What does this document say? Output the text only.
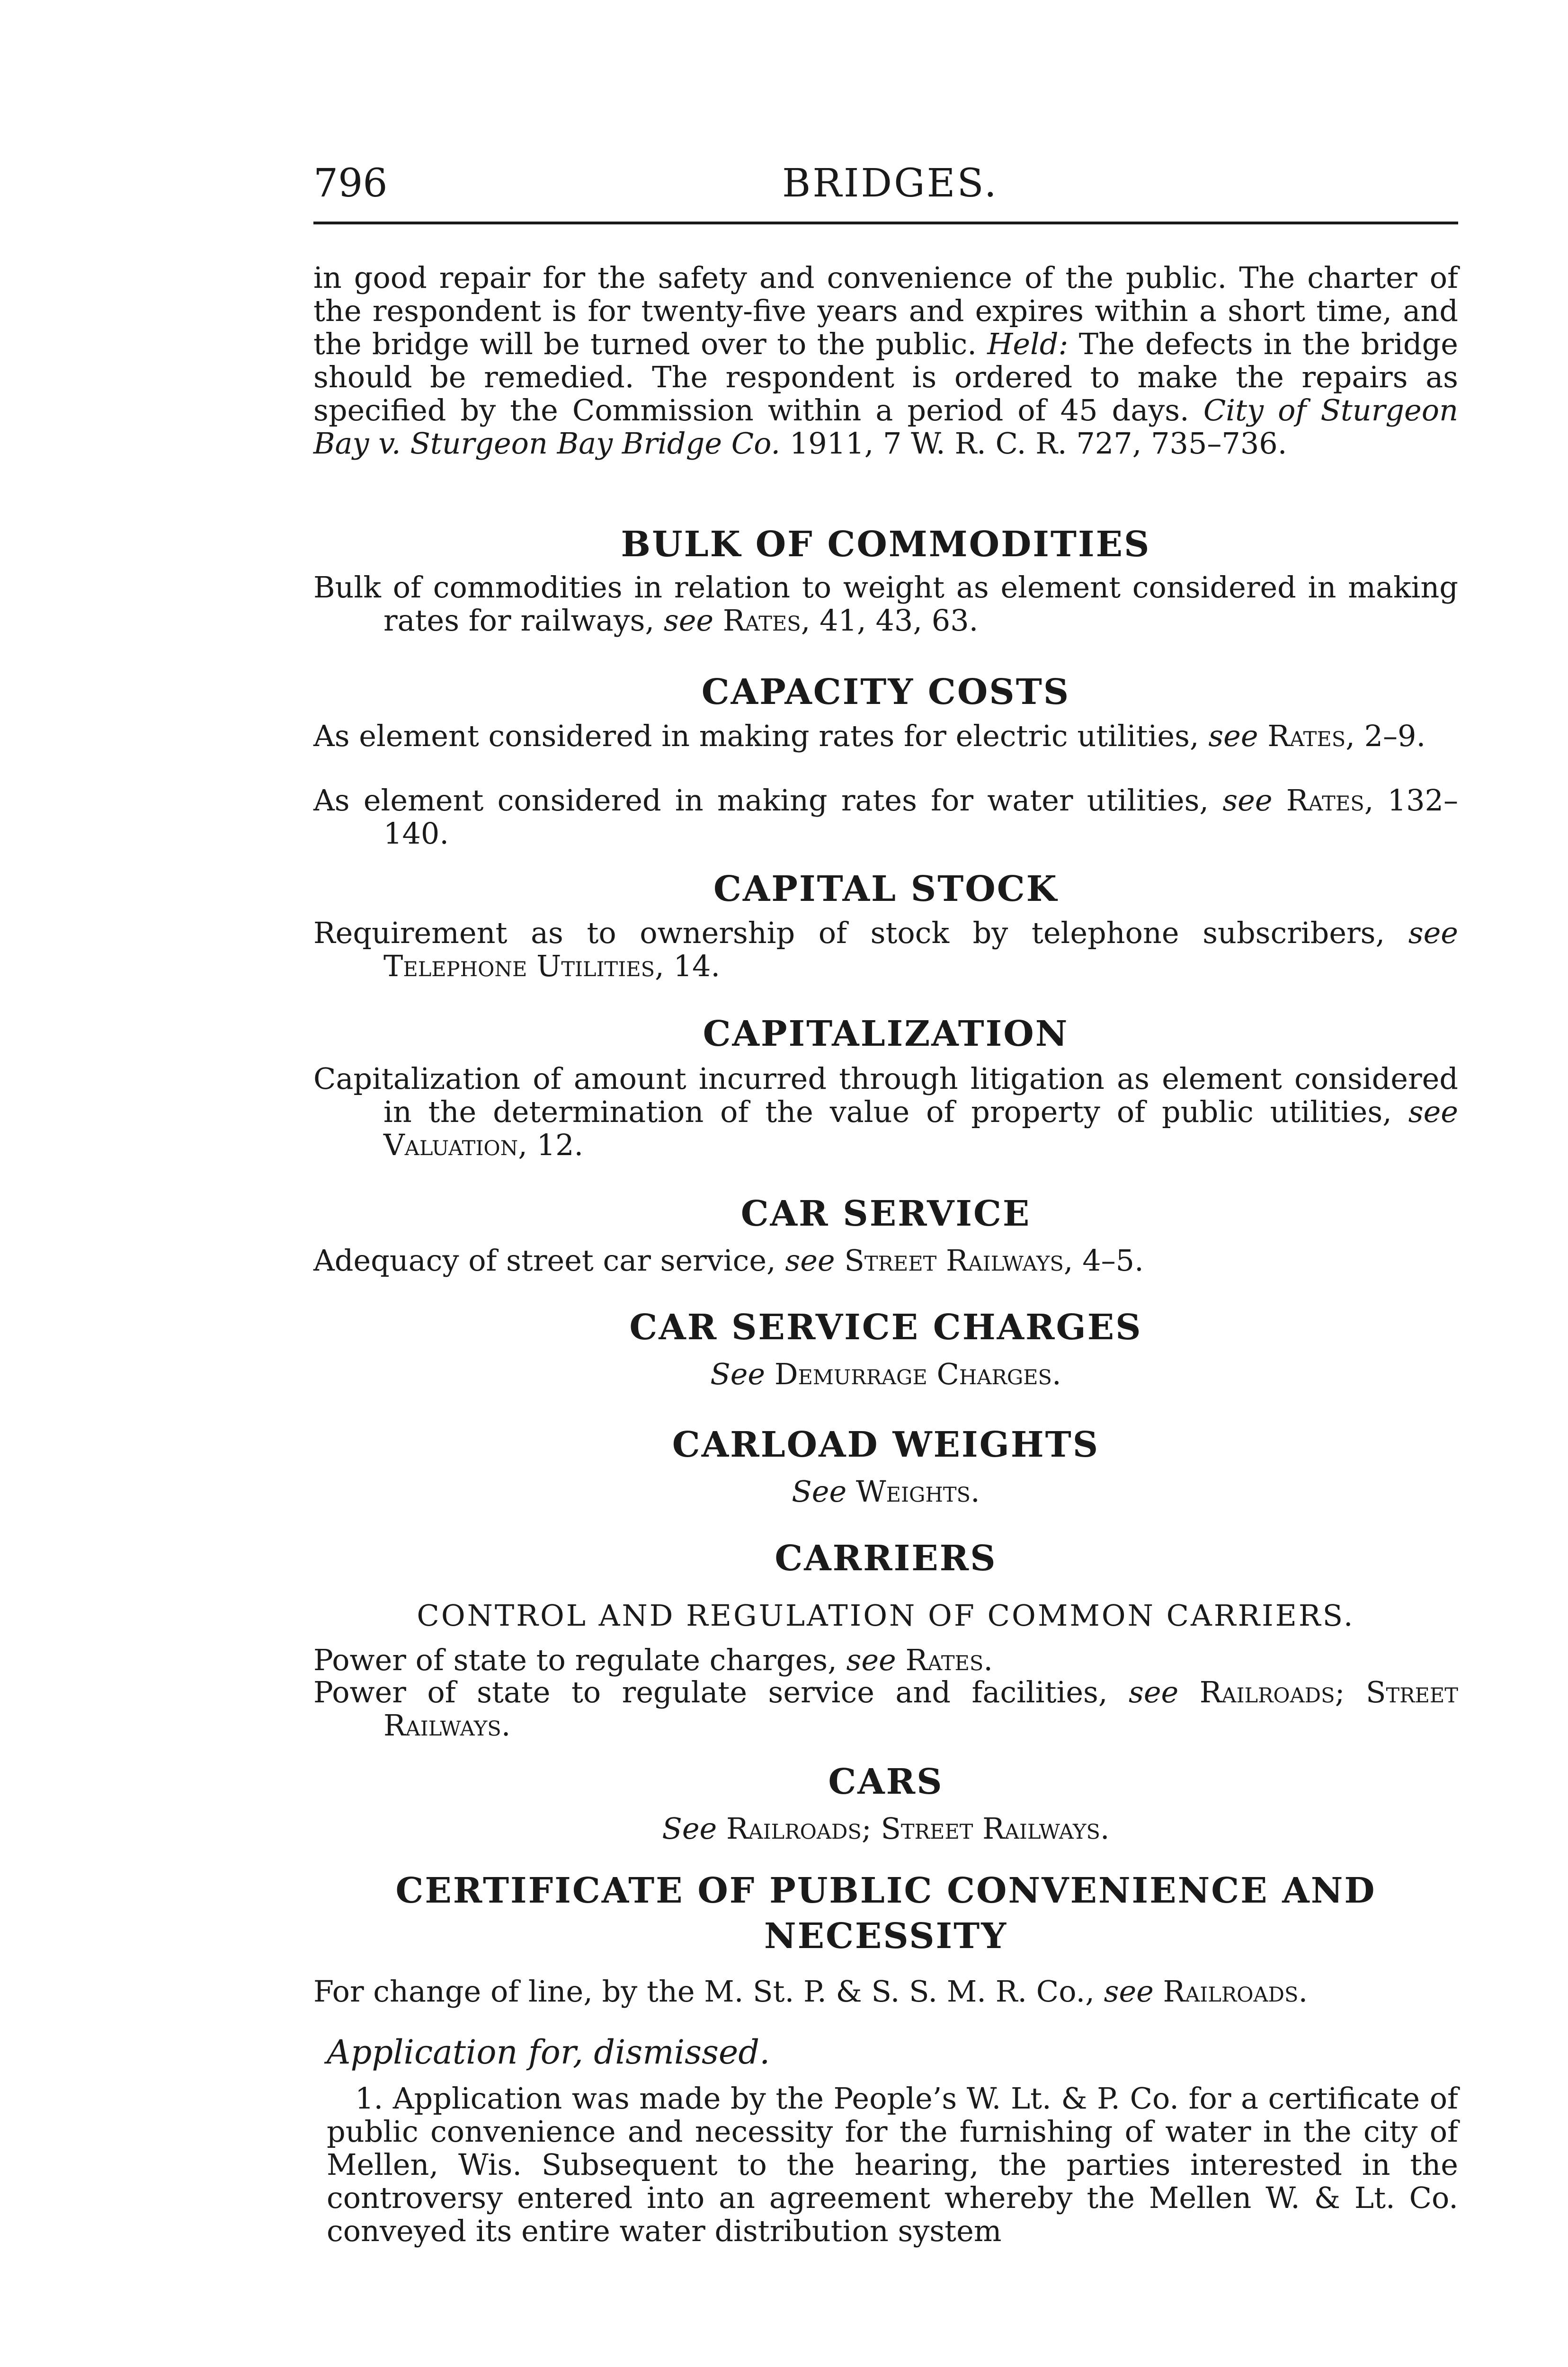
796	BRIDGES.
in good repair for the safety and convenience of the public. The charter of the respondent is for twenty-five years and expires within a short time, and the bridge will be turned over to the public. Held: The defects in the bridge should be remedied. The respondent is ordered to make the repairs as specified by the Commission within a period of 45 days. City of Sturgeon Bay v. Sturgeon Bay Bridge Co. 1911, 7 W. R. C. R. 727, 735–736.
BULK OF COMMODITIES
Bulk of commodities in relation to weight as element considered in making rates for railways, see Rates, 41, 43, 63.
CAPACITY COSTS
As element considered in making rates for electric utilities, see Rates, 2–9.
As element considered in making rates for water utilities, see Rates, 132–140.
CAPITAL STOCK
Requirement as to ownership of stock by telephone subscribers, see Telephone Utilities, 14.
CAPITALIZATION
Capitalization of amount incurred through litigation as element considered in the determination of the value of property of public utilities, see Valuation, 12.
CAR SERVICE
Adequacy of street car service, see Street Railways, 4–5.
CAR SERVICE CHARGES
See Demurrage Charges.
CARLOAD WEIGHTS
See Weights.
CARRIERS
CONTROL AND REGULATION OF COMMON CARRIERS.
Power of state to regulate charges, see Rates.
Power of state to regulate service and facilities, see Railroads; Street Railways.
CARS
See Railroads; Street Railways.
CERTIFICATE OF PUBLIC CONVENIENCE AND
NECESSITY
For change of line, by the M. St. P. & S. S. M. R. Co., see Railroads.
Application for, dismissed.
1. Application was made by the People’s W. Lt. & P. Co. for a certificate of public convenience and necessity for the furnishing of water in the city of Mellen, Wis. Subsequent to the hearing, the parties interested in the controversy entered into an agreement whereby the Mellen W. & Lt. Co. conveyed its entire water distribution system
